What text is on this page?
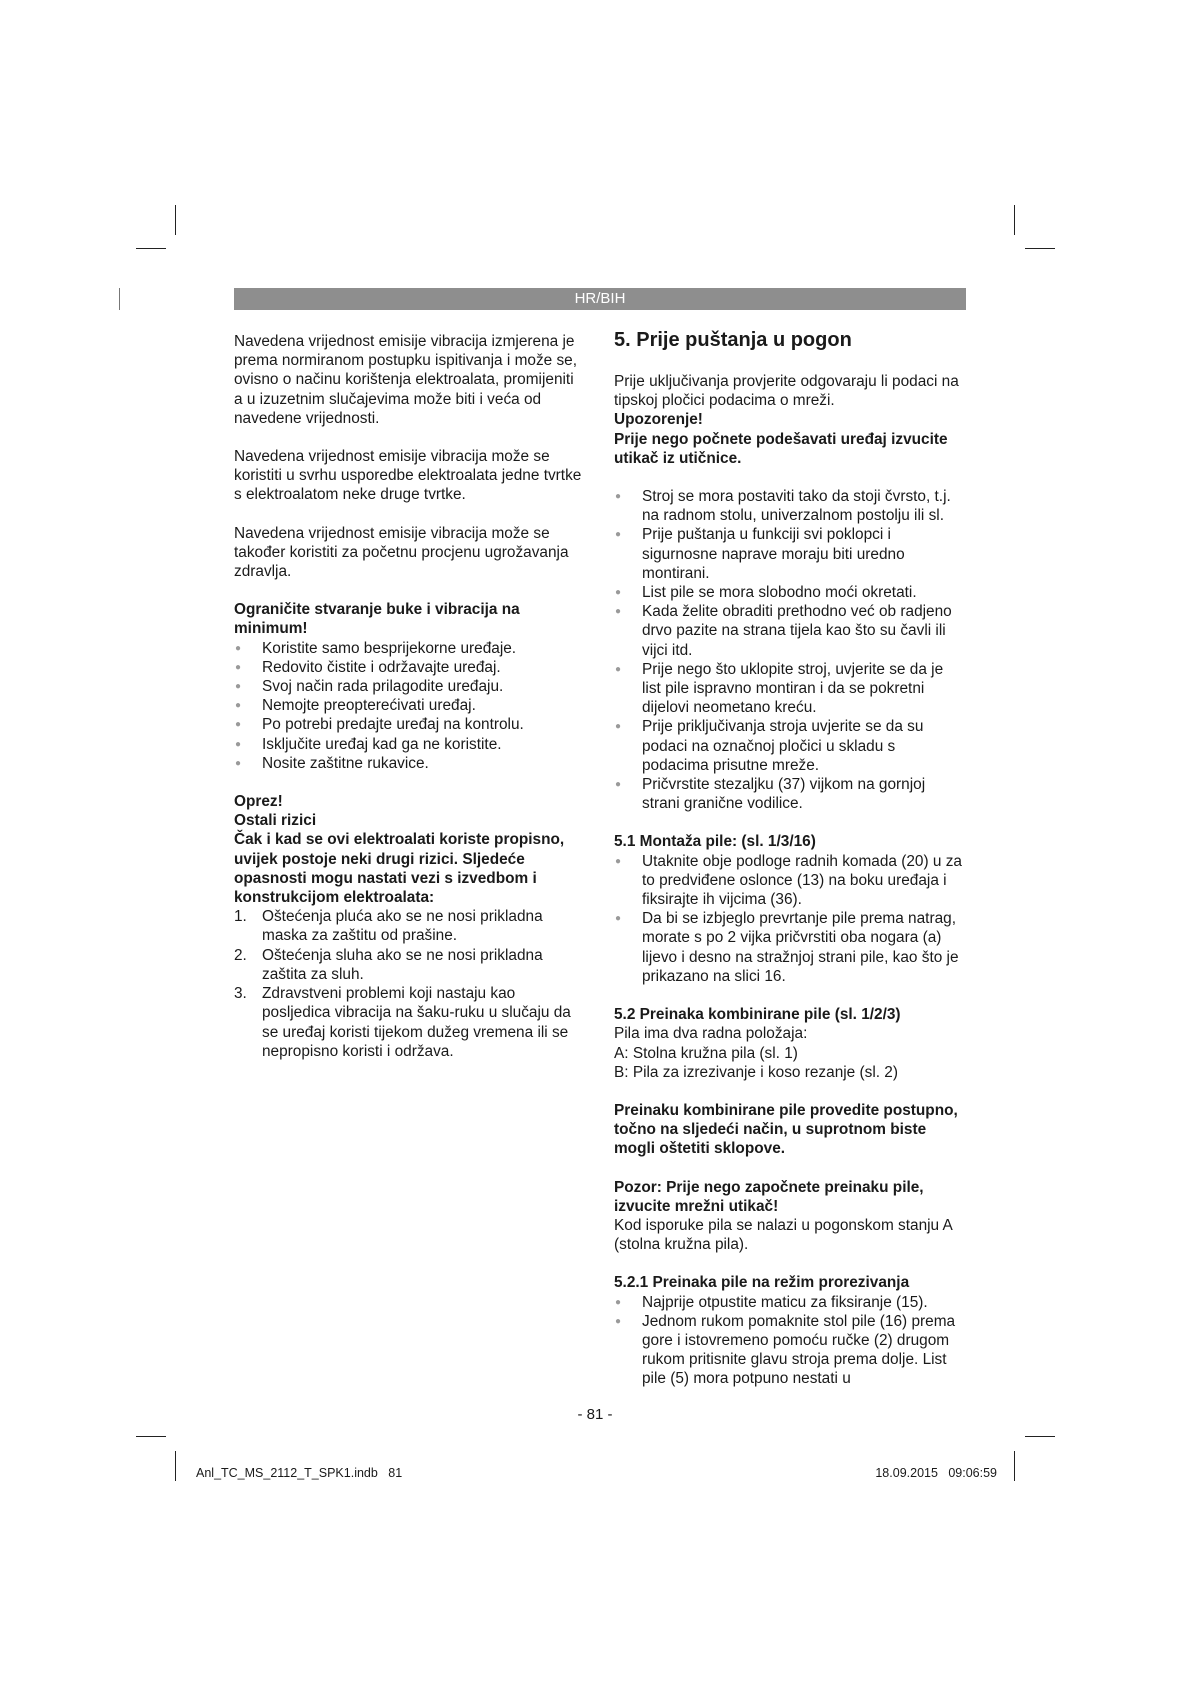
HR/BIH

Navedena vrijednost emisije vibracija izmjerena je prema normiranom postupku ispitivanja i može se, ovisno o načinu korištenja elektroalata, promijeniti a u izuzetnim slučajevima može biti i veća od navedene vrijednosti.

Navedena vrijednost emisije vibracija može se koristiti u svrhu usporedbe elektroalata jedne tvrtke s elektroalatom neke druge tvrtke.

Navedena vrijednost emisije vibracija može se također koristiti za početnu procjenu ugrožavanja zdravlja.

Ograničite stvaranje buke i vibracija na minimum!

● Koristite samo besprijekorne uređaje.
● Redovito čistite i održavajte uređaj.
● Svoj način rada prilagodite uređaju.
● Nemojte preopterećivati uređaj.
● Po potrebi predajte uređaj na kontrolu.
● Isključite uređaj kad ga ne koristite.
● Nosite zaštitne rukavice.

Oprez!

Ostali rizici

Čak i kad se ovi elektroalati koriste propisno, uvijek postoje neki drugi rizici. Sljedeće opasnosti mogu nastati vezi s izvedbom i konstrukcijom elektroalata:

1. Oštećenja pluća ako se ne nosi prikladna maska za zaštitu od prašine.
2. Oštećenja sluha ako se ne nosi prikladna zaštita za sluh.
3. Zdravstveni problemi koji nastaju kao posljedica vibracija na šaku-ruku u slučaju da se uređaj koristi tijekom dužeg vremena ili se nepropisno koristi i održava.
5. Prije puštanja u pogon

Prije uključivanja provjerite odgovaraju li podaci na tipskoj pločici podacima o mreži.

Upozorenje!

Prije nego počnete podešavati uređaj izvucite utikač iz utičnice.

● Stroj se mora postaviti tako da stoji čvrsto, t.j. na radnom stolu, univerzalnom postolju ili sl.
● Prije puštanja u funkciji svi poklopci i sigurnosne naprave moraju biti uredno montirani.
● List pile se mora slobodno moći okretati.
● Kada želite obraditi prethodno već ob radjeno drvo pazite na strana tijela kao što su čavli ili vijci itd.
● Prije nego što uklopite stroj, uvjerite se da je list pile ispravno montiran i da se pokretni dijelovi neometano kreću.
● Prije priključivanja stroja uvjerite se da su podaci na označnoj pločici u skladu s podacima prisutne mreže.
● Pričvrstite stezaljku (37) vijkom na gornjoj strani granične vodilice.

5.1 Montaža pile: (sl. 1/3/16)

● Utaknite obje podloge radnih komada (20) u za to predviđene oslonce (13) na boku uređaja i fiksirajte ih vijcima (36).
● Da bi se izbjeglo prevrtanje pile prema natrag, morate s po 2 vijka pričvrstiti oba nogara (a) lijevo i desno na stražnjoj strani pile, kao što je prikazano na slici 16.

5.2 Preinaka kombinirane pile (sl. 1/2/3)

Pila ima dva radna položaja:

A: Stolna kružna pila (sl. 1)

B: Pila za izrezivanje i koso rezanje (sl. 2)

Preinaku kombinirane pile provedite postupno, točno na sljedeći način, u suprotnom biste mogli oštetiti sklopove.

Pozor: Prije nego započnete preinaku pile, izvucite mrežni utikač!

Kod isporuke pila se nalazi u pogonskom stanju A (stolna kružna pila).

5.2.1 Preinaka pile na režim prorezivanja

● Najprije otpustite maticu za fiksiranje (15).
● Jednom rukom pomaknite stol pile (16) prema gore i istovremeno pomoću ručke (2) drugom rukom pritisnite glavu stroja prema dolje. List pile (5) mora potpuno nestati u
- 81 -
Anl_TC_MS_2112_T_SPK1.indb   81	18.09.2015   09:06:59
